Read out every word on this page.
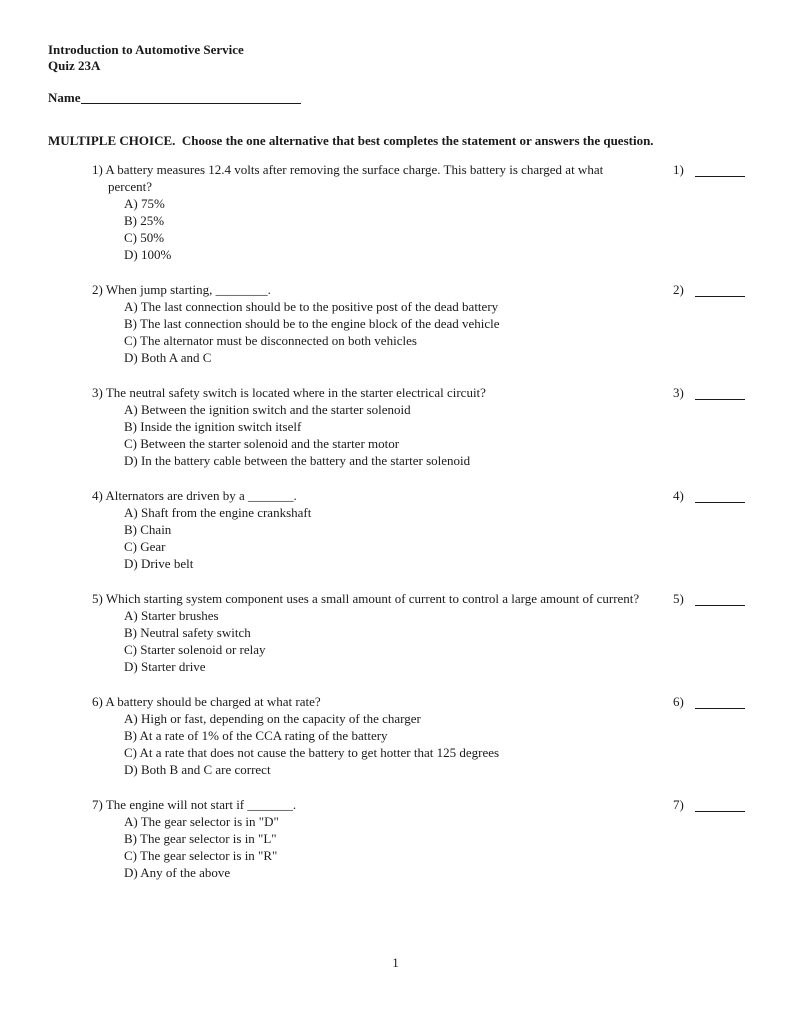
Introduction to Automotive Service
Quiz 23A
Name
MULTIPLE CHOICE.  Choose the one alternative that best completes the statement or answers the question.
1) A battery measures 12.4 volts after removing the surface charge. This battery is charged at what percent?
A) 75%
B) 25%
C) 50%
D) 100%
1)
2) When jump starting, ________.
A) The last connection should be to the positive post of the dead battery
B) The last connection should be to the engine block of the dead vehicle
C) The alternator must be disconnected on both vehicles
D) Both A and C
2)
3) The neutral safety switch is located where in the starter electrical circuit?
A) Between the ignition switch and the starter solenoid
B) Inside the ignition switch itself
C) Between the starter solenoid and the starter motor
D) In the battery cable between the battery and the starter solenoid
3)
4) Alternators are driven by a _______.
A) Shaft from the engine crankshaft
B) Chain
C) Gear
D) Drive belt
4)
5) Which starting system component uses a small amount of current to control a large amount of current?
A) Starter brushes
B) Neutral safety switch
C) Starter solenoid or relay
D) Starter drive
5)
6) A battery should be charged at what rate?
A) High or fast, depending on the capacity of the charger
B) At a rate of 1% of the CCA rating of the battery
C) At a rate that does not cause the battery to get hotter that 125 degrees
D) Both B and C are correct
6)
7) The engine will not start if _______.
A) The gear selector is in "D"
B) The gear selector is in "L"
C) The gear selector is in "R"
D) Any of the above
7)
1
